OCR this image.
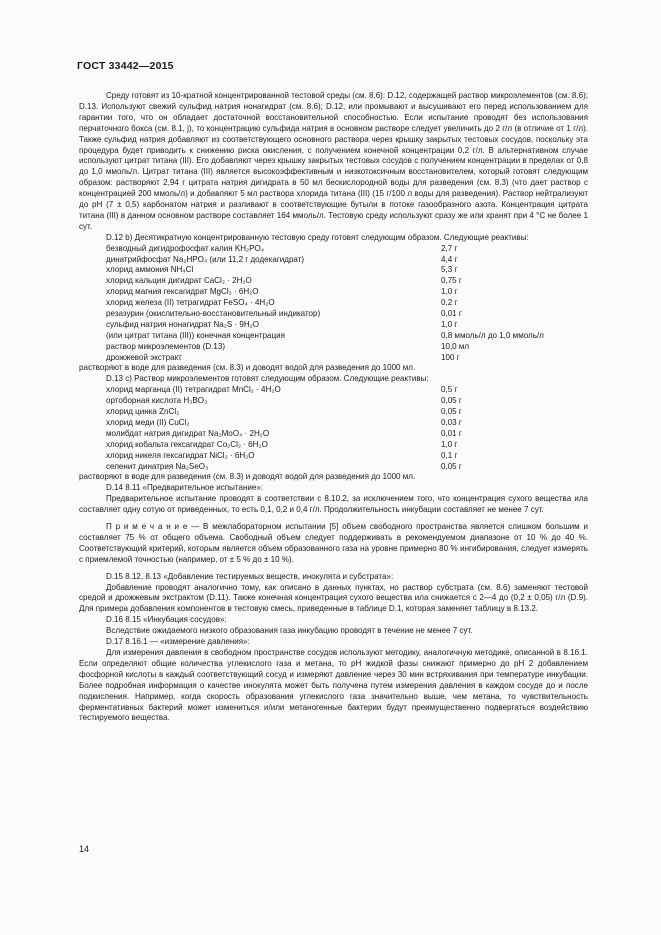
ГОСТ 33442—2015

Среду готовят из 10-кратной концентрированной тестовой среды (см. 8.6): D.12, содержащей раствор микроэлементов (см. 8.6); D.13. Используют свежий сульфид натрия нонагидрат (см. 8.6); D.12, или промывают и высушивают его перед использованием для гарантии того, что он обладает достаточной восстановительной способностью. Если испытание проводят без использования перчаточного бокса (см. 8.1, j), то концентрацию сульфида натрия в основном растворе следует увеличить до 2 г/л (в отличие от 1 г/л). Также сульфид натрия добавляют из соответствующего основного раствора через крышку закрытых тестовых сосудов, поскольку эта процедура будет приводить к снижению риска окисления, с получением конечной концентрации 0,2 г/л. В альтернативном случае используют цитрат титана (III). Его добавляют через крышку закрытых тестовых сосудов с получением концентрации в пределах от 0,8 до 1,0 ммоль/л. Цитрат титана (III) является высокоэффективным и низкотоксичным восстановителем, который готовят следующим образом: растворяют 2,94 г цитрата натрия дигидрата в 50 мл бескислородной воды для разведения (см. 8.3) (что дает раствор с концентрацией 200 ммоль/л) и добавляют 5 мл раствора хлорида титана (III) (15 г/100 л воды для разведения). Раствор нейтрализуют до pH (7 ± 0,5) карбонатом натрия и разливают в соответствующие бутыли в потоке газообразного азота. Концентрация цитрата титана (III) в данном основном растворе составляет 164 ммоль/л. Тестовую среду используют сразу же или хранят при 4 °С не более 1 сут.

D.12 b) Десятикратную концентрированную тестовую среду готовят следующим образом. Следующие реактивы:

безводный дигидрофосфат калия KH₂PO₄	2,7 г
динатрийфосфат Na₂HPO₄ (или 11,2 г додекагидрат)	4,4 г
хлорид аммония NH₄Cl	5,3 г
хлорид кальция дигидрат CaCl₂ · 2H₂O	0,75 г
хлорид магния гексагидрат MgCl₂ · 6H₂O	1,0 г
хлорид железа (II) тетрагидрат FeSO₄ · 4H₂O	0,2 г
резазурин (окислительно-восстановительный индикатор)	0,01 г
сульфид натрия нонагидрат Na₂S · 9H₂O	1,0 г
(или цитрат титана (III)) конечная концентрация	0,8 ммоль/л до 1,0 ммоль/л
раствор микроэлементов (D.13)	10,0 мл
дрожжевой экстракт	100 г

растворяют в воде для разведения (см. 8.3) и доводят водой для разведения до 1000 мл.

D.13 c) Раствор микроэлементов готовят следующим образом. Следующие реактивы:

хлорид марганца (II) тетрагидрат MnCl₂ · 4H₂O	0,5 г
ортоборная кислота H₃BO₃	0,05 г
хлорид цинка ZnCl₂	0,05 г
хлорид меди (II) CuCl₂	0,03 г
молибдат натрия дигидрат Na₂MoO₄ · 2H₂O	0,01 г
хлорид кобальта гексагидрат Co₂Cl₂ · 6H₂O	1,0 г
хлорид никеля гексагидрат NiCl₂ · 6H₂O	0,1 г
селенит динатрия Na₂SeO₃	0,05 г

растворяют в воде для разведения (см. 8.3) и доводят водой для разведения до 1000 мл.

D.14 8.11 «Предварительное испытание»:

Предварительное испытание проводят в соответствии с 8.10.2, за исключением того, что концентрация сухого вещества ила составляет одну сотую от приведенных, то есть 0,1, 0,2 и 0,4 г/л. Продолжительность инкубации составляет не менее 7 сут.

П р и м е ч а н и е — В межлабораторном испытании [5] объем свободного пространства является слишком большим и составляет 75 % от общего объема. Свободный объем следует поддерживать в рекомендуемом диапазоне от 10 % до 40 %. Соответствующий критерий, которым является объем образованного газа на уровне примерно 80 % ингибирования, следует измерять с приемлемой точностью (например, от ± 5 % до ± 10 %).

D.15 8.12, 8.13 «Добавление тестируемых веществ, инокулята и субстрата»:

Добавление проводят аналогично тому, как описано в данных пунктах, но раствор субстрата (см. 8.6) заменяют тестовой средой и дрожжевым экстрактом (D.11). Также конечная концентрация сухого вещества ила снижается с 2—4 до (0,2 ± 0,05) г/л (D.9). Для примера добавления компонентов в тестовую смесь, приведенные в таблице D.1, которая заменяет таблицу в 8.13.2.

D.16 8.15 «Инкубация сосудов»:

Вследствие ожидаемого низкого образования газа инкубацию проводят в течение не менее 7 сут.

D.17 8.16.1 — «измерение давления»:

Для измерения давления в свободном пространстве сосудов используют методику, аналогичную методике, описанной в 8.16.1. Если определяют общие количества углекислого газа и метана, то pH жидкой фазы снижают примерно до pH 2 добавлением фосфорной кислоты в каждый соответствующий сосуд и измеряют давление через 30 мин встряхивания при температуре инкубации. Более подробная информация о качестве инокулята может быть получена путем измерения давления в каждом сосуде до и после подкисления. Например, когда скорость образования углекислого газа значительно выше, чем метана, то чувствительность ферментативных бактерий может измениться и/или метаногенные бактерии будут преимущественно подвергаться воздействию тестируемого вещества.

14
